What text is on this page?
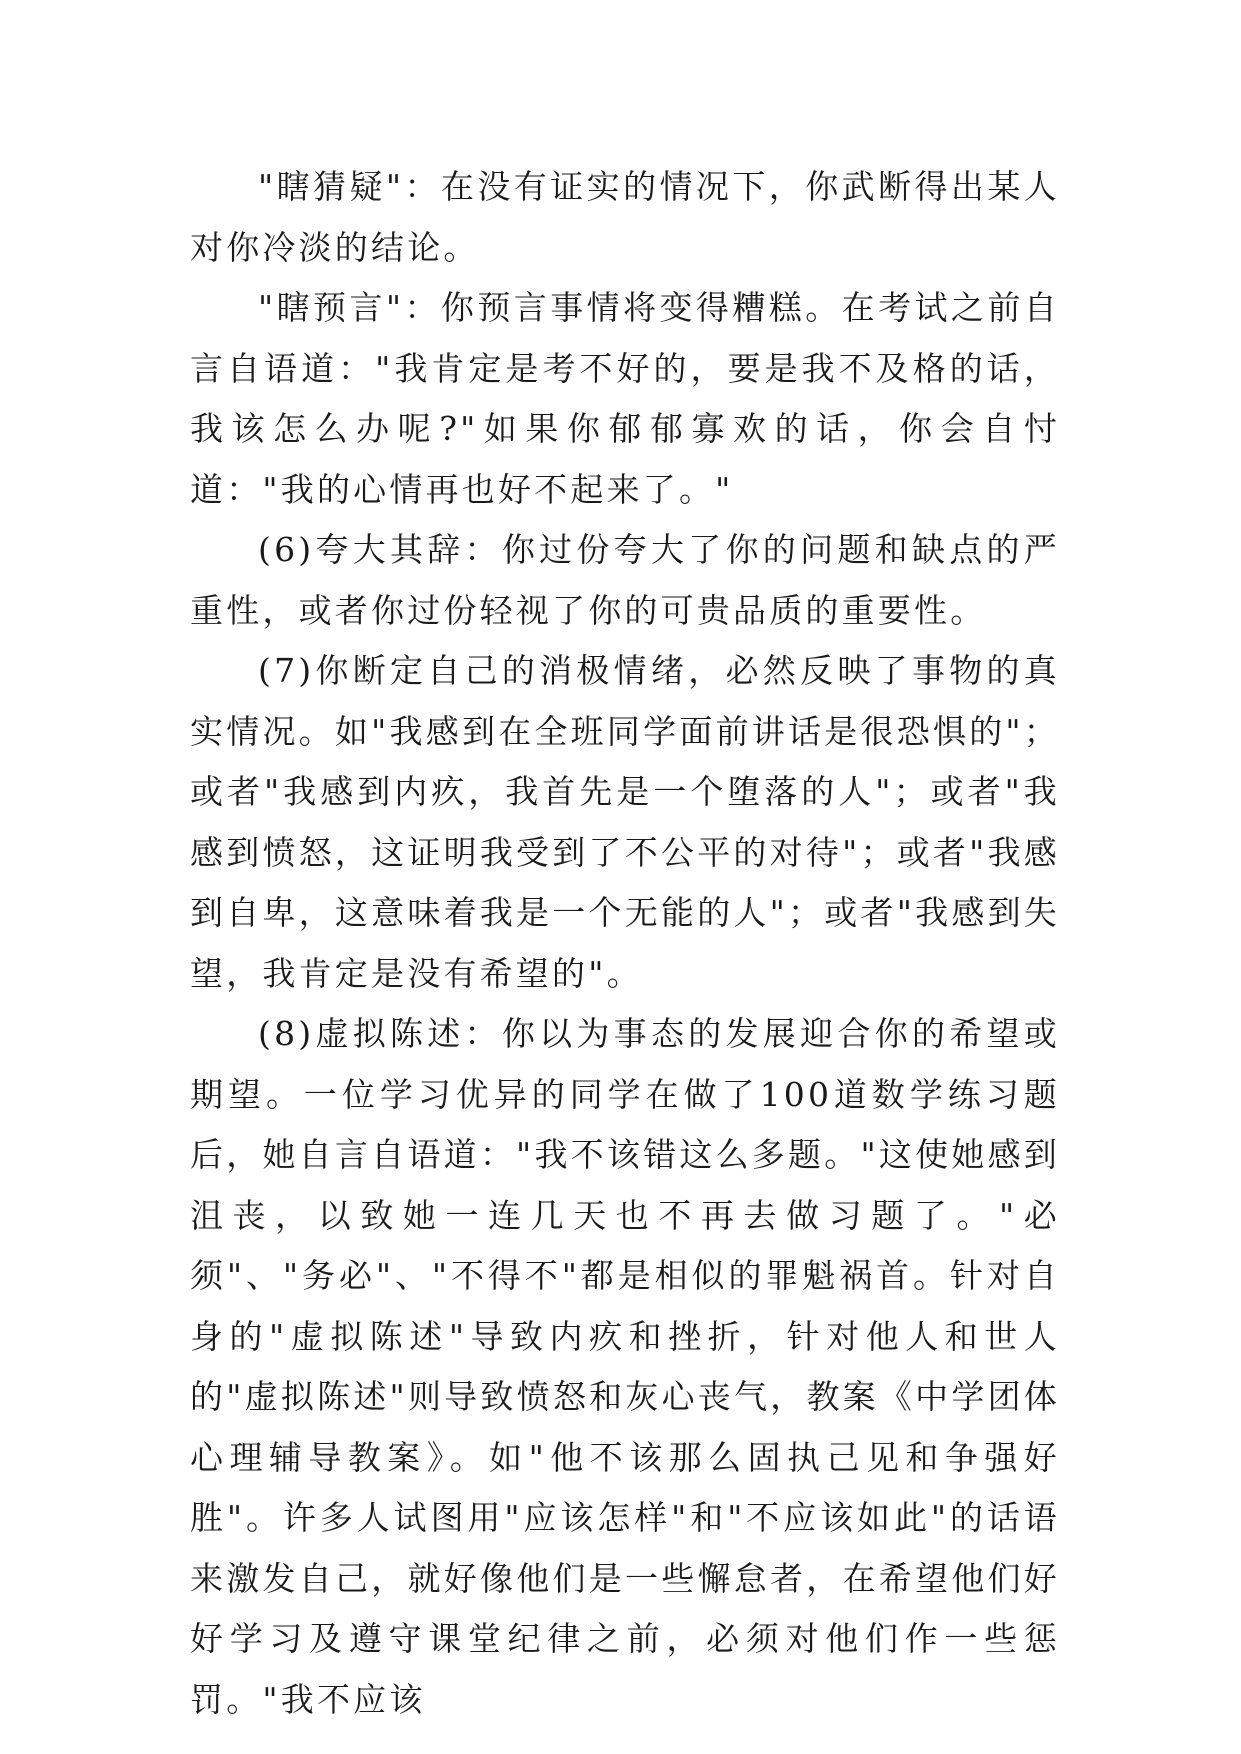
"瞎猜疑"：在没有证实的情况下，你武断得出某人对你冷淡的结论。

"瞎预言"：你预言事情将变得糟糕。在考试之前自言自语道："我肯定是考不好的，要是我不及格的话，我该怎么办呢?"如果你郁郁寡欢的话，你会自忖道："我的心情再也好不起来了。"

(6)夸大其辞：你过份夸大了你的问题和缺点的严重性，或者你过份轻视了你的可贵品质的重要性。

(7)你断定自己的消极情绪，必然反映了事物的真实情况。如"我感到在全班同学面前讲话是很恐惧的"；或者"我感到内疚，我首先是一个堕落的人"；或者"我感到愤怒，这证明我受到了不公平的对待"；或者"我感到自卑，这意味着我是一个无能的人"；或者"我感到失望，我肯定是没有希望的"。

(8)虚拟陈述：你以为事态的发展迎合你的希望或期望。一位学习优异的同学在做了100道数学练习题后，她自言自语道："我不该错这么多题。"这使她感到沮丧，以致她一连几天也不再去做习题了。"必须"、"务必"、"不得不"都是相似的罪魁祸首。针对自身的"虚拟陈述"导致内疚和挫折，针对他人和世人的"虚拟陈述"则导致愤怒和灰心丧气，教案《中学团体心理辅导教案》。如"他不该那么固执己见和争强好胜"。许多人试图用"应该怎样"和"不应该如此"的话语来激发自己，就好像他们是一些懈怠者，在希望他们好好学习及遵守课堂纪律之前，必须对他们作一些惩罚。"我不应该
